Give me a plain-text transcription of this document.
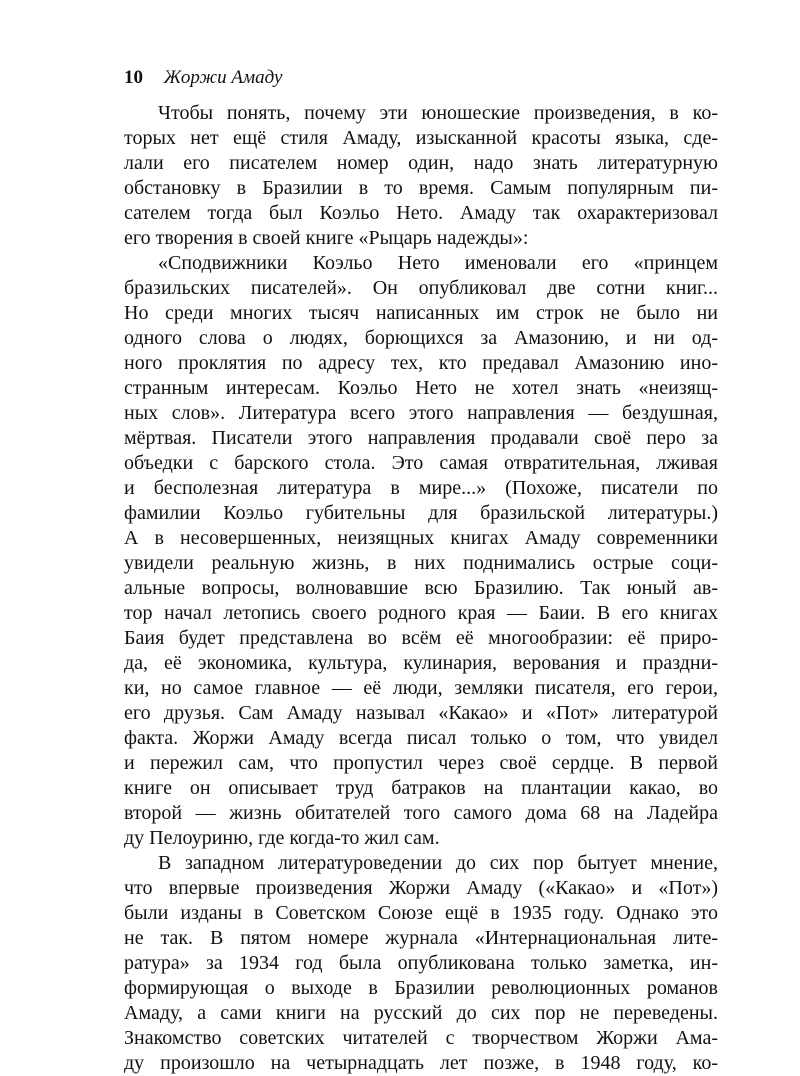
10 Жоржи Амаду
Чтобы понять, почему эти юношеские произведения, в ко-
торых нет ещё стиля Амаду, изысканной красоты языка, сде-
лали его писателем номер один, надо знать литературную
обстановку в Бразилии в то время. Самым популярным пи-
сателем тогда был Коэльо Нето. Амаду так охарактеризовал
его творения в своей книге «Рыцарь надежды»:
«Сподвижники Коэльо Нето именовали его «принцем
бразильских писателей». Он опубликовал две сотни книг...
Но среди многих тысяч написанных им строк не было ни
одного слова о людях, борющихся за Амазонию, и ни од-
ного проклятия по адресу тех, кто предавал Амазонию ино-
странным интересам. Коэльо Нето не хотел знать «неизящ-
ных слов». Литература всего этого направления — бездушная,
мёртвая. Писатели этого направления продавали своё перо за
объедки с барского стола. Это самая отвратительная, лживая
и бесполезная литература в мире...» (Похоже, писатели по
фамилии Коэльо губительны для бразильской литературы.)
А в несовершенных, неизящных книгах Амаду современники
увидели реальную жизнь, в них поднимались острые соци-
альные вопросы, волновавшие всю Бразилию. Так юный ав-
тор начал летопись своего родного края — Баии. В его книгах
Баия будет представлена во всём её многообразии: её приро-
да, её экономика, культура, кулинария, верования и праздни-
ки, но самое главное — её люди, земляки писателя, его герои,
его друзья. Сам Амаду называл «Какао» и «Пот» литературой
факта. Жоржи Амаду всегда писал только о том, что увидел
и пережил сам, что пропустил через своё сердце. В первой
книге он описывает труд батраков на плантации какао, во
второй — жизнь обитателей того самого дома 68 на Ладейра
ду Пелоуриню, где когда-то жил сам.
В западном литературоведении до сих пор бытует мнение,
что впервые произведения Жоржи Амаду («Какао» и «Пот»)
были изданы в Советском Союзе ещё в 1935 году. Однако это
не так. В пятом номере журнала «Интернациональная лите-
ратура» за 1934 год была опубликована только заметка, ин-
формирующая о выходе в Бразилии революционных романов
Амаду, а сами книги на русский до сих пор не переведены.
Знакомство советских читателей с творчеством Жоржи Ама-
ду произошло на четырнадцать лет позже, в 1948 году, ко-
